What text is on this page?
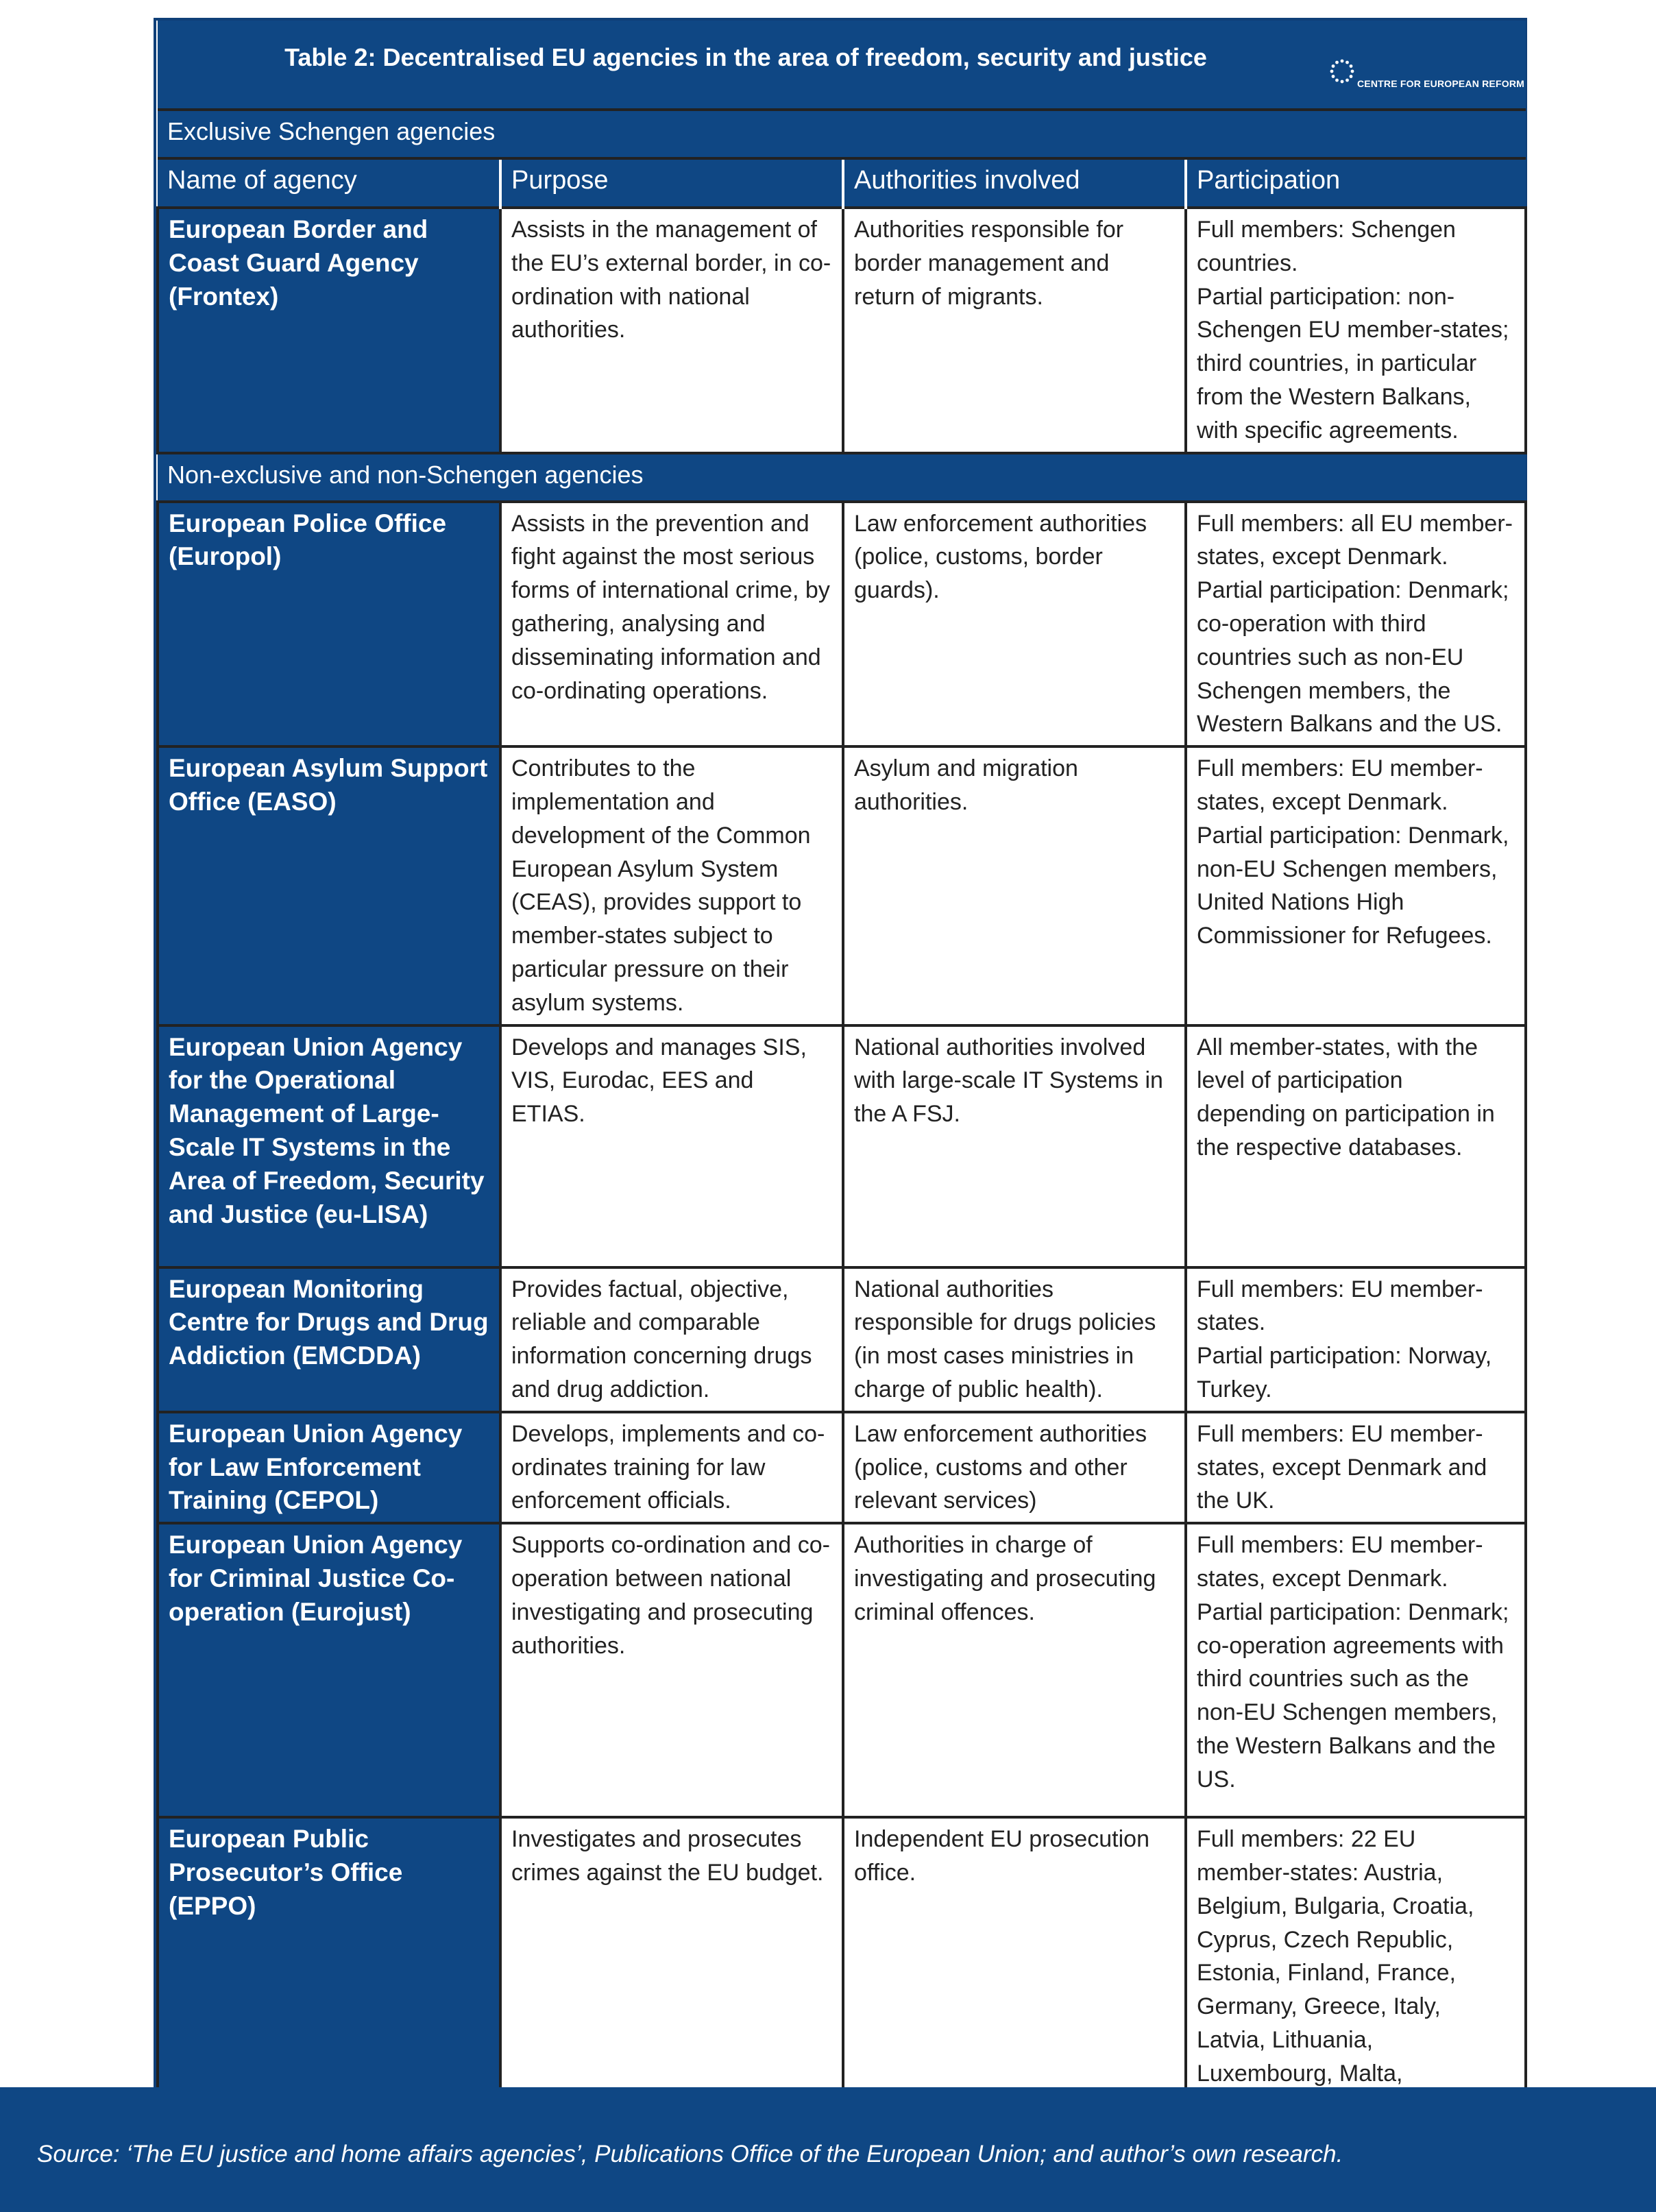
Table 2: Decentralised EU agencies in the area of freedom, security and justice
CENTRE FOR EUROPEAN REFORM			

Exclusive Schengen agencies			
Name of agency	Purpose	Authorities involved	Participation
European Border and Coast Guard Agency (Frontex)	Assists in the management of the EU’s external border, in co-ordination with national authorities.	Authorities responsible for border management and return of migrants.	Full members: Schengen countries.
Partial participation: non-Schengen EU member-states; third countries, in particular from the Western Balkans, with specific agreements.
Non-exclusive and non-Schengen agencies			
European Police Office (Europol)	Assists in the prevention and fight against the most serious forms of international crime, by gathering, analysing and disseminating information and co-ordinating operations.	Law enforcement authorities (police, customs, border guards).	Full members: all EU member-states, except Denmark.
Partial participation: Denmark; co-operation with third countries such as non-EU Schengen members, the Western Balkans and the US.
European Asylum Support Office (EASO)	Contributes to the implementation and development of the Common European Asylum System (CEAS), provides support to member-states subject to particular pressure on their asylum systems.	Asylum and migration authorities.	Full members: EU member-states, except Denmark.
Partial participation: Denmark, non-EU Schengen members, United Nations High Commissioner for Refugees.
European Union Agency for the Operational Management of Large-Scale IT Systems in the Area of Freedom, Security and Justice (eu-LISA)	Develops and manages SIS, VIS, Eurodac, EES and ETIAS.	National authorities involved with large-scale IT Systems in the A FSJ.	All member-states, with the level of participation depending on participation in the respective databases.
European Monitoring Centre for Drugs and Drug Addiction (EMCDDA)	Provides factual, objective, reliable and comparable information concerning drugs and drug addiction.	National authorities responsible for drugs policies (in most cases ministries in charge of public health).	Full members: EU member-states.
Partial participation: Norway, Turkey.
European Union Agency for Law Enforcement Training (CEPOL)	Develops, implements and co-ordinates training for law enforcement officials.	Law enforcement authorities (police, customs and other relevant services)	Full members: EU member-states, except Denmark and the UK.
European Union Agency for Criminal Justice Co-operation (Eurojust)	Supports co-ordination and co-operation between national investigating and prosecuting authorities.	Authorities in charge of investigating and prosecuting criminal offences.	Full members: EU member-states, except Denmark.
Partial participation: Denmark; co-operation agreements with third countries such as the non-EU Schengen members, the Western Balkans and the US.
European Public Prosecutor’s Office (EPPO)	Investigates and prosecutes crimes against the EU budget.	Independent EU prosecution office.	Full members: 22 EU member-states: Austria, Belgium, Bulgaria, Croatia, Cyprus, Czech Republic, Estonia, Finland, France, Germany, Greece, Italy, Latvia, Lithuania, Luxembourg, Malta,
Source: ‘The EU justice and home affairs agencies’, Publications Office of the European Union; and author’s own research.
